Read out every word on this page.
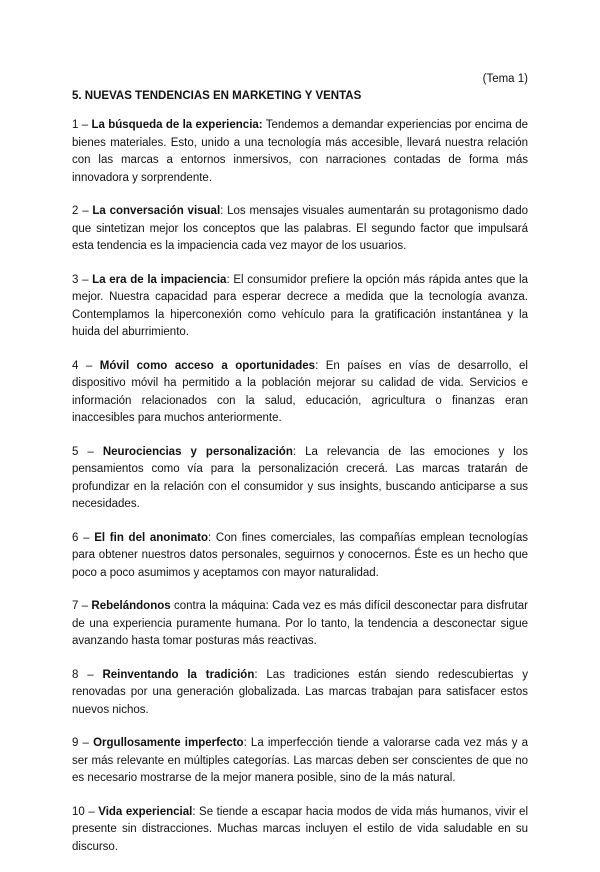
(Tema 1)
5. NUEVAS TENDENCIAS EN MARKETING Y VENTAS

1 – La búsqueda de la experiencia: Tendemos a demandar experiencias por encima de bienes materiales. Esto, unido a una tecnología más accesible, llevará nuestra relación con las marcas a entornos inmersivos, con narraciones contadas de forma más innovadora y sorprendente.

2 – La conversación visual: Los mensajes visuales aumentarán su protagonismo dado que sintetizan mejor los conceptos que las palabras. El segundo factor que impulsará esta tendencia es la impaciencia cada vez mayor de los usuarios.

3 – La era de la impaciencia: El consumidor prefiere la opción más rápida antes que la mejor. Nuestra capacidad para esperar decrece a medida que la tecnología avanza. Contemplamos la hiperconexión como vehículo para la gratificación instantánea y la huida del aburrimiento.

4 – Móvil como acceso a oportunidades: En países en vías de desarrollo, el dispositivo móvil ha permitido a la población mejorar su calidad de vida. Servicios e información relacionados con la salud, educación, agricultura o finanzas eran inaccesibles para muchos anteriormente.

5 – Neurociencias y personalización: La relevancia de las emociones y los pensamientos como vía para la personalización crecerá. Las marcas tratarán de profundizar en la relación con el consumidor y sus insights, buscando anticiparse a sus necesidades.

6 – El fin del anonimato: Con fines comerciales, las compañías emplean tecnologías para obtener nuestros datos personales, seguirnos y conocernos. Éste es un hecho que poco a poco asumimos y aceptamos con mayor naturalidad.

7 – Rebelándonos contra la máquina: Cada vez es más difícil desconectar para disfrutar de una experiencia puramente humana. Por lo tanto, la tendencia a desconectar sigue avanzando hasta tomar posturas más reactivas.

8 – Reinventando la tradición: Las tradiciones están siendo redescubiertas y renovadas por una generación globalizada. Las marcas trabajan para satisfacer estos nuevos nichos.

9 – Orgullosamente imperfecto: La imperfección tiende a valorarse cada vez más y a ser más relevante en múltiples categorías. Las marcas deben ser conscientes de que no es necesario mostrarse de la mejor manera posible, sino de la más natural.

10 – Vida experiencial: Se tiende a escapar hacia modos de vida más humanos, vivir el presente sin distracciones. Muchas marcas incluyen el estilo de vida saludable en su discurso.
